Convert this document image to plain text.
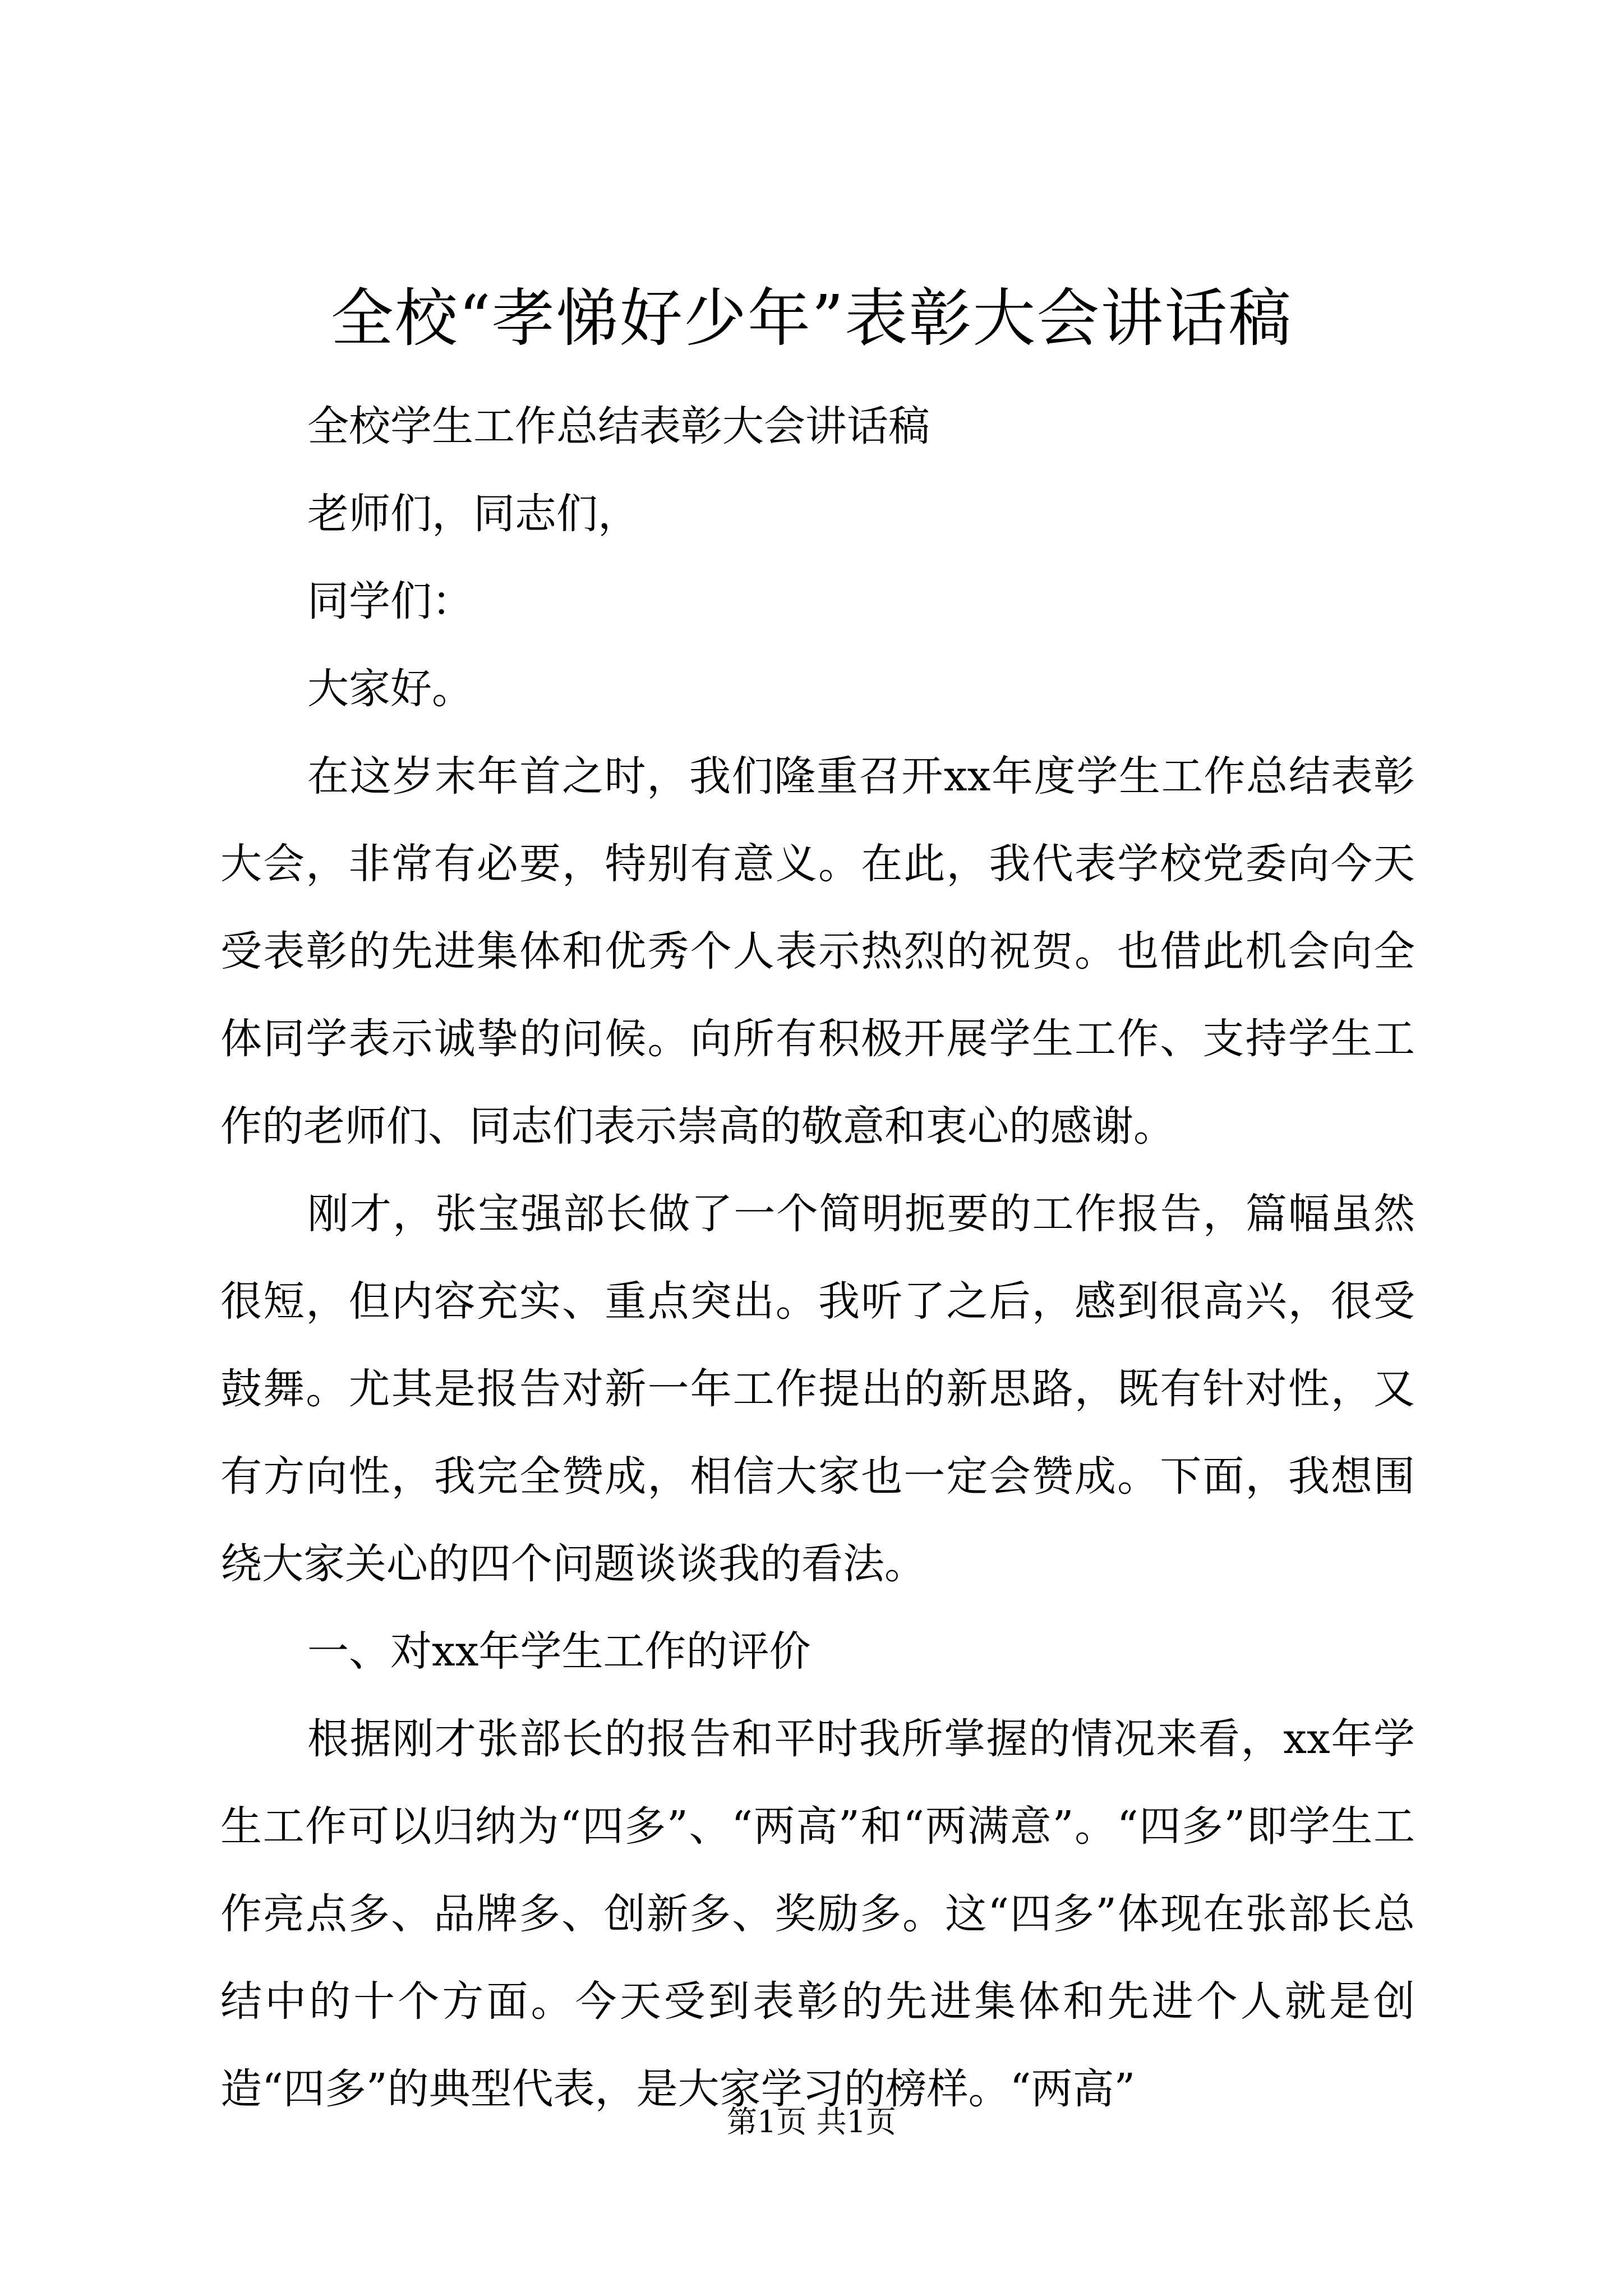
全校“孝悌好少年”表彰大会讲话稿

全校学生工作总结表彰大会讲话稿

老师们，同志们，

同学们：

大家好。

在这岁末年首之时，我们隆重召开xx年度学生工作总结表彰大会，非常有必要，特别有意义。在此，我代表学校党委向今天受表彰的先进集体和优秀个人表示热烈的祝贺。也借此机会向全体同学表示诚挚的问候。向所有积极开展学生工作、支持学生工作的老师们、同志们表示崇高的敬意和衷心的感谢。

刚才，张宝强部长做了一个简明扼要的工作报告，篇幅虽然很短，但内容充实、重点突出。我听了之后，感到很高兴，很受鼓舞。尤其是报告对新一年工作提出的新思路，既有针对性，又有方向性，我完全赞成，相信大家也一定会赞成。下面，我想围绕大家关心的四个问题谈谈我的看法。

一、对xx年学生工作的评价

根据刚才张部长的报告和平时我所掌握的情况来看，xx年学生工作可以归纳为“四多”、“两高”和“两满意”。“四多”即学生工作亮点多、品牌多、创新多、奖励多。这“四多”体现在张部长总结中的十个方面。今天受到表彰的先进集体和先进个人就是创造“四多”的典型代表，是大家学习的榜样。“两高”

第1页 共1页
